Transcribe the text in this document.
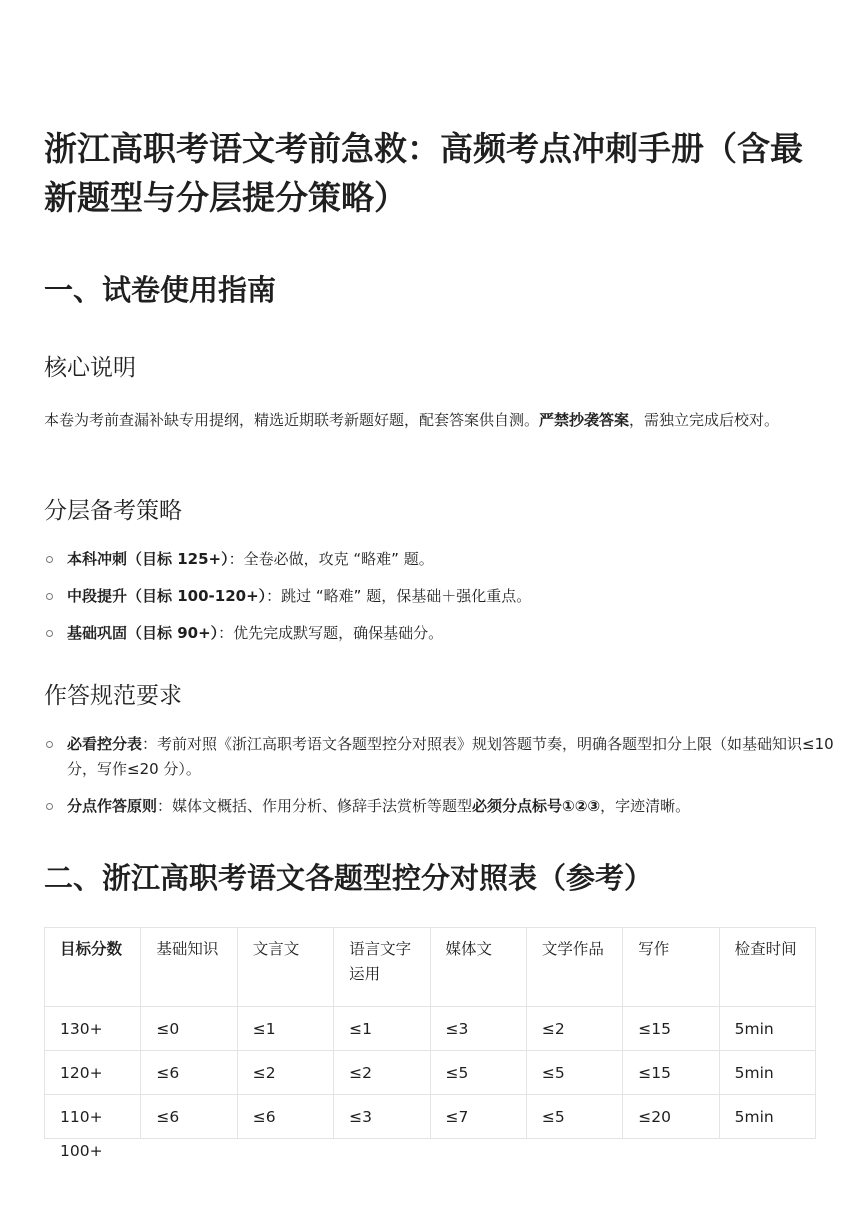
浙江高职考语文考前急救：高频考点冲刺手册（含最新题型与分层提分策略）
一、试卷使用指南
核心说明

本卷为考前查漏补缺专用提纲，精选近期联考新题好题，配套答案供自测。严禁抄袭答案，需独立完成后校对。

分层备考策略
本科冲刺（目标 125+）：全卷必做，攻克 “略难” 题。
中段提升（目标 100-120+）：跳过 “略难” 题，保基础＋强化重点。
基础巩固（目标 90+）：优先完成默写题，确保基础分。
作答规范要求
必看控分表：考前对照《浙江高职考语文各题型控分对照表》规划答题节奏，明确各题型扣分上限（如基础知识≤10 分，写作≤20 分）。
分点作答原则：媒体文概括、作用分析、修辞手法赏析等题型必须分点标号①②③，字迹清晰。
二、浙江高职考语文各题型控分对照表（参考）
目标分数	基础知识	文言文	语言文字运用	媒体文	文学作品	写作	检查时间
130+	≤0	≤1	≤1	≤3	≤2	≤15	5min
120+	≤6	≤2	≤2	≤5	≤5	≤15	5min
110+	≤6	≤6	≤3	≤7	≤5	≤20	5min
100+
